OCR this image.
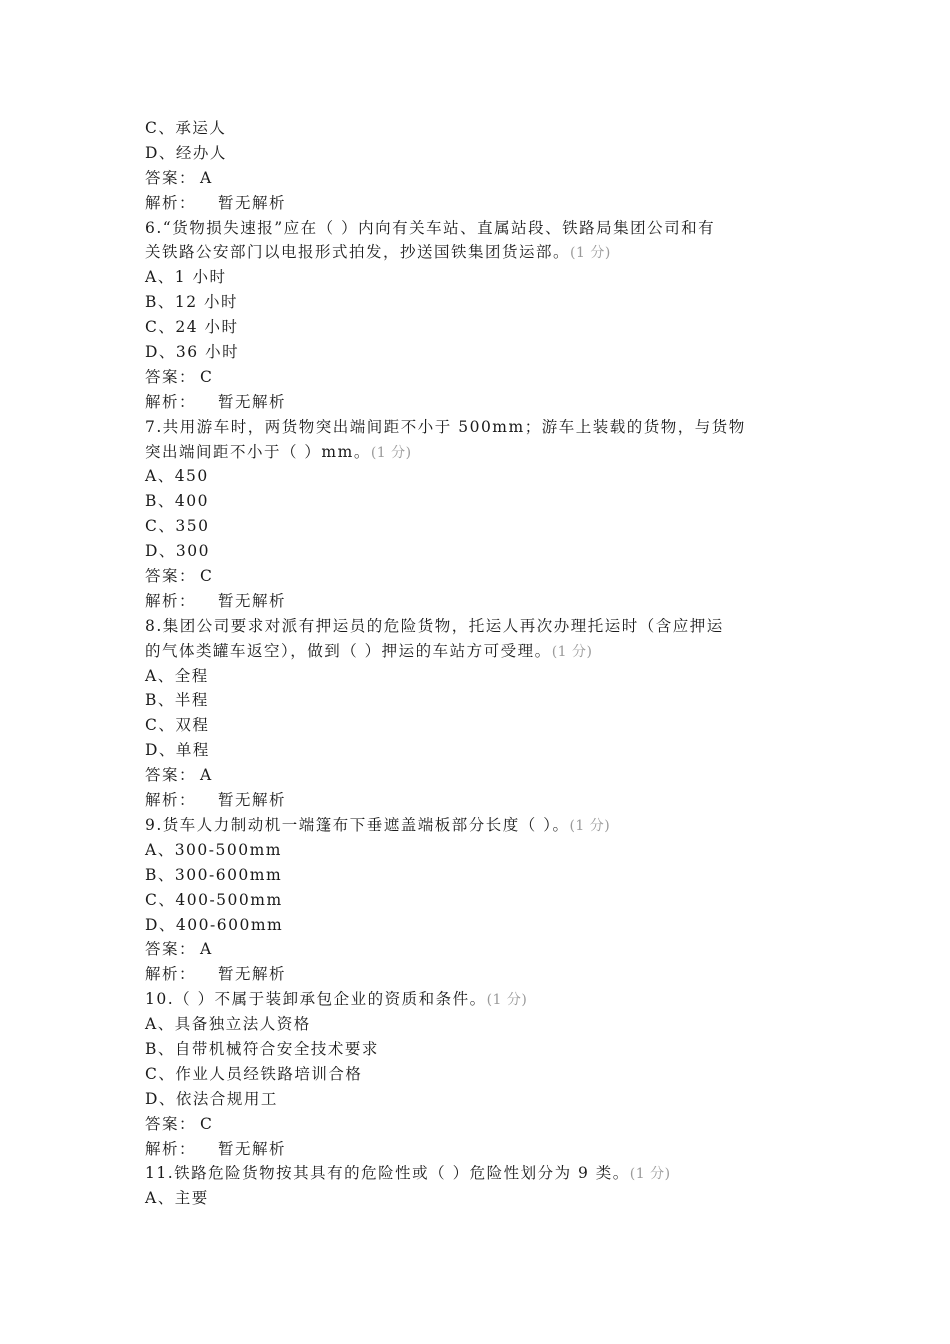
C、承运人
D、经办人
答案： A
解析： 暂无解析
6.“货物损失速报”应在（ ）内向有关车站、直属站段、铁路局集团公司和有
关铁路公安部门以电报形式拍发，抄送国铁集团货运部。(1 分)
A、1 小时
B、12 小时
C、24 小时
D、36 小时
答案： C
解析： 暂无解析
7.共用游车时，两货物突出端间距不小于 500mm；游车上装载的货物，与货物
突出端间距不小于（ ）mm。(1 分)
A、450
B、400
C、350
D、300
答案： C
解析： 暂无解析
8.集团公司要求对派有押运员的危险货物，托运人再次办理托运时（含应押运
的气体类罐车返空），做到（ ）押运的车站方可受理。(1 分)
A、全程
B、半程
C、双程
D、单程
答案： A
解析： 暂无解析
9.货车人力制动机一端篷布下垂遮盖端板部分长度（ ）。(1 分)
A、300-500mm
B、300-600mm
C、400-500mm
D、400-600mm
答案： A
解析： 暂无解析
10.（ ）不属于装卸承包企业的资质和条件。(1 分)
A、具备独立法人资格
B、自带机械符合安全技术要求
C、作业人员经铁路培训合格
D、依法合规用工
答案： C
解析： 暂无解析
11.铁路危险货物按其具有的危险性或（ ）危险性划分为 9 类。(1 分)
A、主要
